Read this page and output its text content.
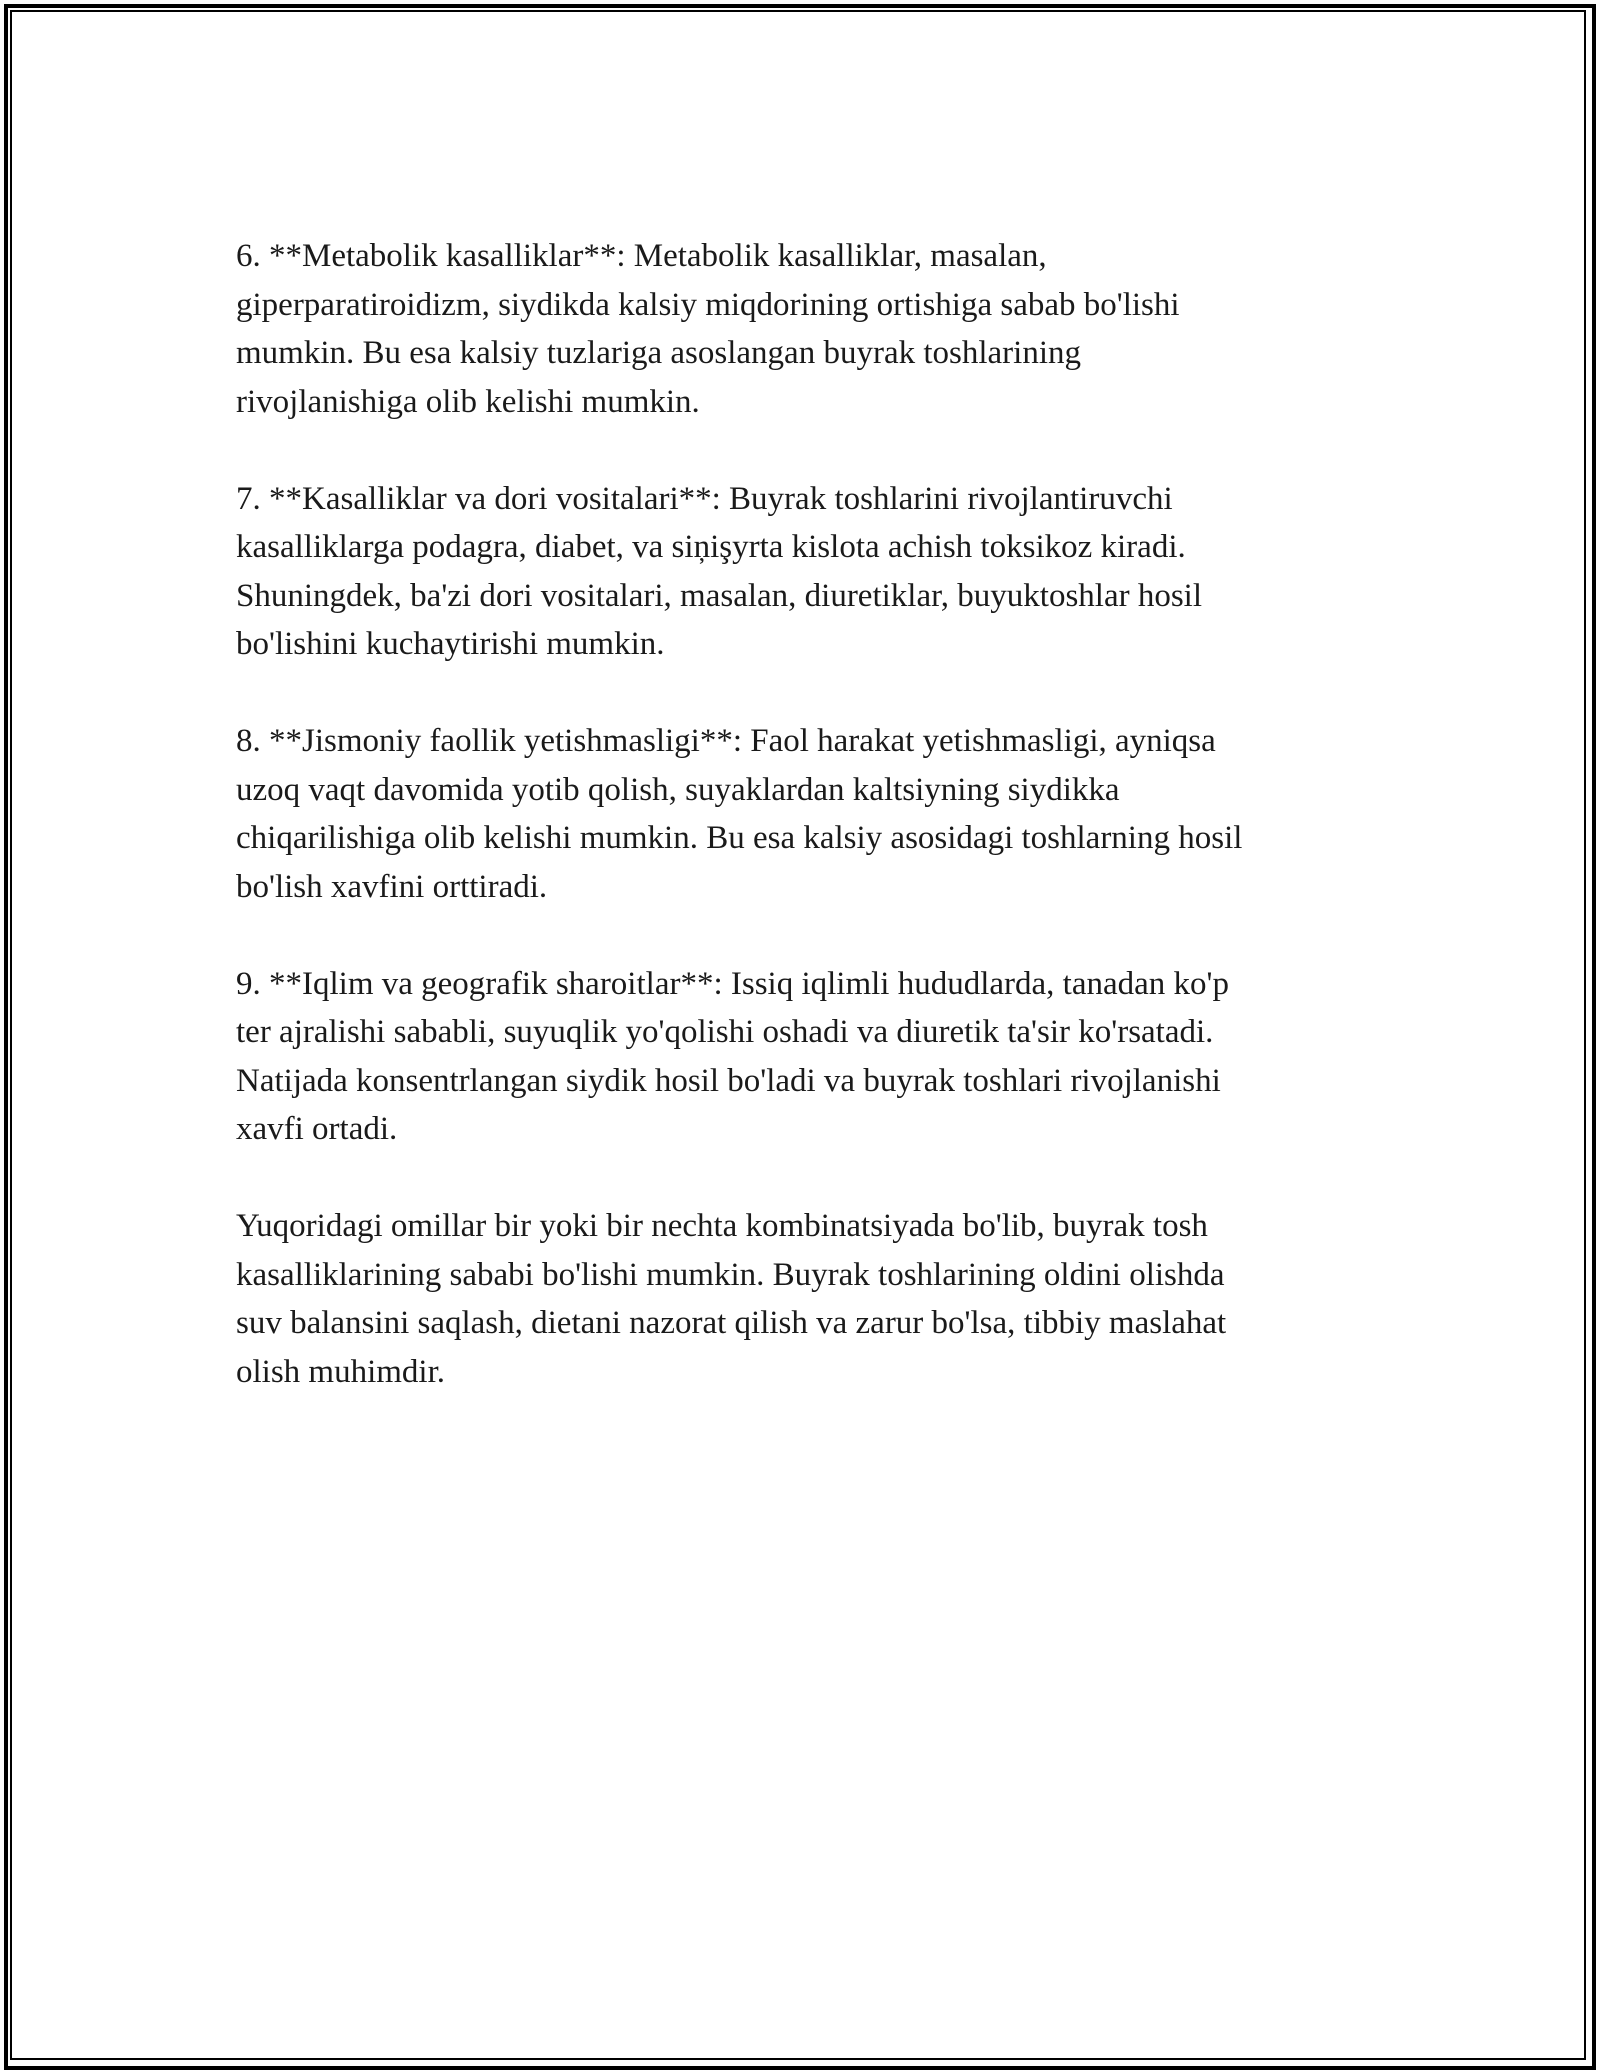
6. **Metabolik kasalliklar**: Metabolik kasalliklar, masalan,
giperparatiroidizm, siydikda kalsiy miqdorining ortishiga sabab bo'lishi
mumkin. Bu esa kalsiy tuzlariga asoslangan buyrak toshlarining
rivojlanishiga olib kelishi mumkin.

7. **Kasalliklar va dori vositalari**: Buyrak toshlarini rivojlantiruvchi
kasalliklarga podagra, diabet, va siņişyrta kislota achish toksikoz kiradi.
Shuningdek, ba'zi dori vositalari, masalan, diuretiklar, buyuktoshlar hosil
bo'lishini kuchaytirishi mumkin.

8. **Jismoniy faollik yetishmasligi**: Faol harakat yetishmasligi, ayniqsa
uzoq vaqt davomida yotib qolish, suyaklardan kaltsiyning siydikka
chiqarilishiga olib kelishi mumkin. Bu esa kalsiy asosidagi toshlarning hosil
bo'lish xavfini orttiradi.

9. **Iqlim va geografik sharoitlar**: Issiq iqlimli hududlarda, tanadan ko'p
ter ajralishi sababli, suyuqlik yo'qolishi oshadi va diuretik ta'sir ko'rsatadi.
Natijada konsentrlangan siydik hosil bo'ladi va buyrak toshlari rivojlanishi
xavfi ortadi.

Yuqoridagi omillar bir yoki bir nechta kombinatsiyada bo'lib, buyrak tosh
kasalliklarining sababi bo'lishi mumkin. Buyrak toshlarining oldini olishda
suv balansini saqlash, dietani nazorat qilish va zarur bo'lsa, tibbiy maslahat
olish muhimdir.
